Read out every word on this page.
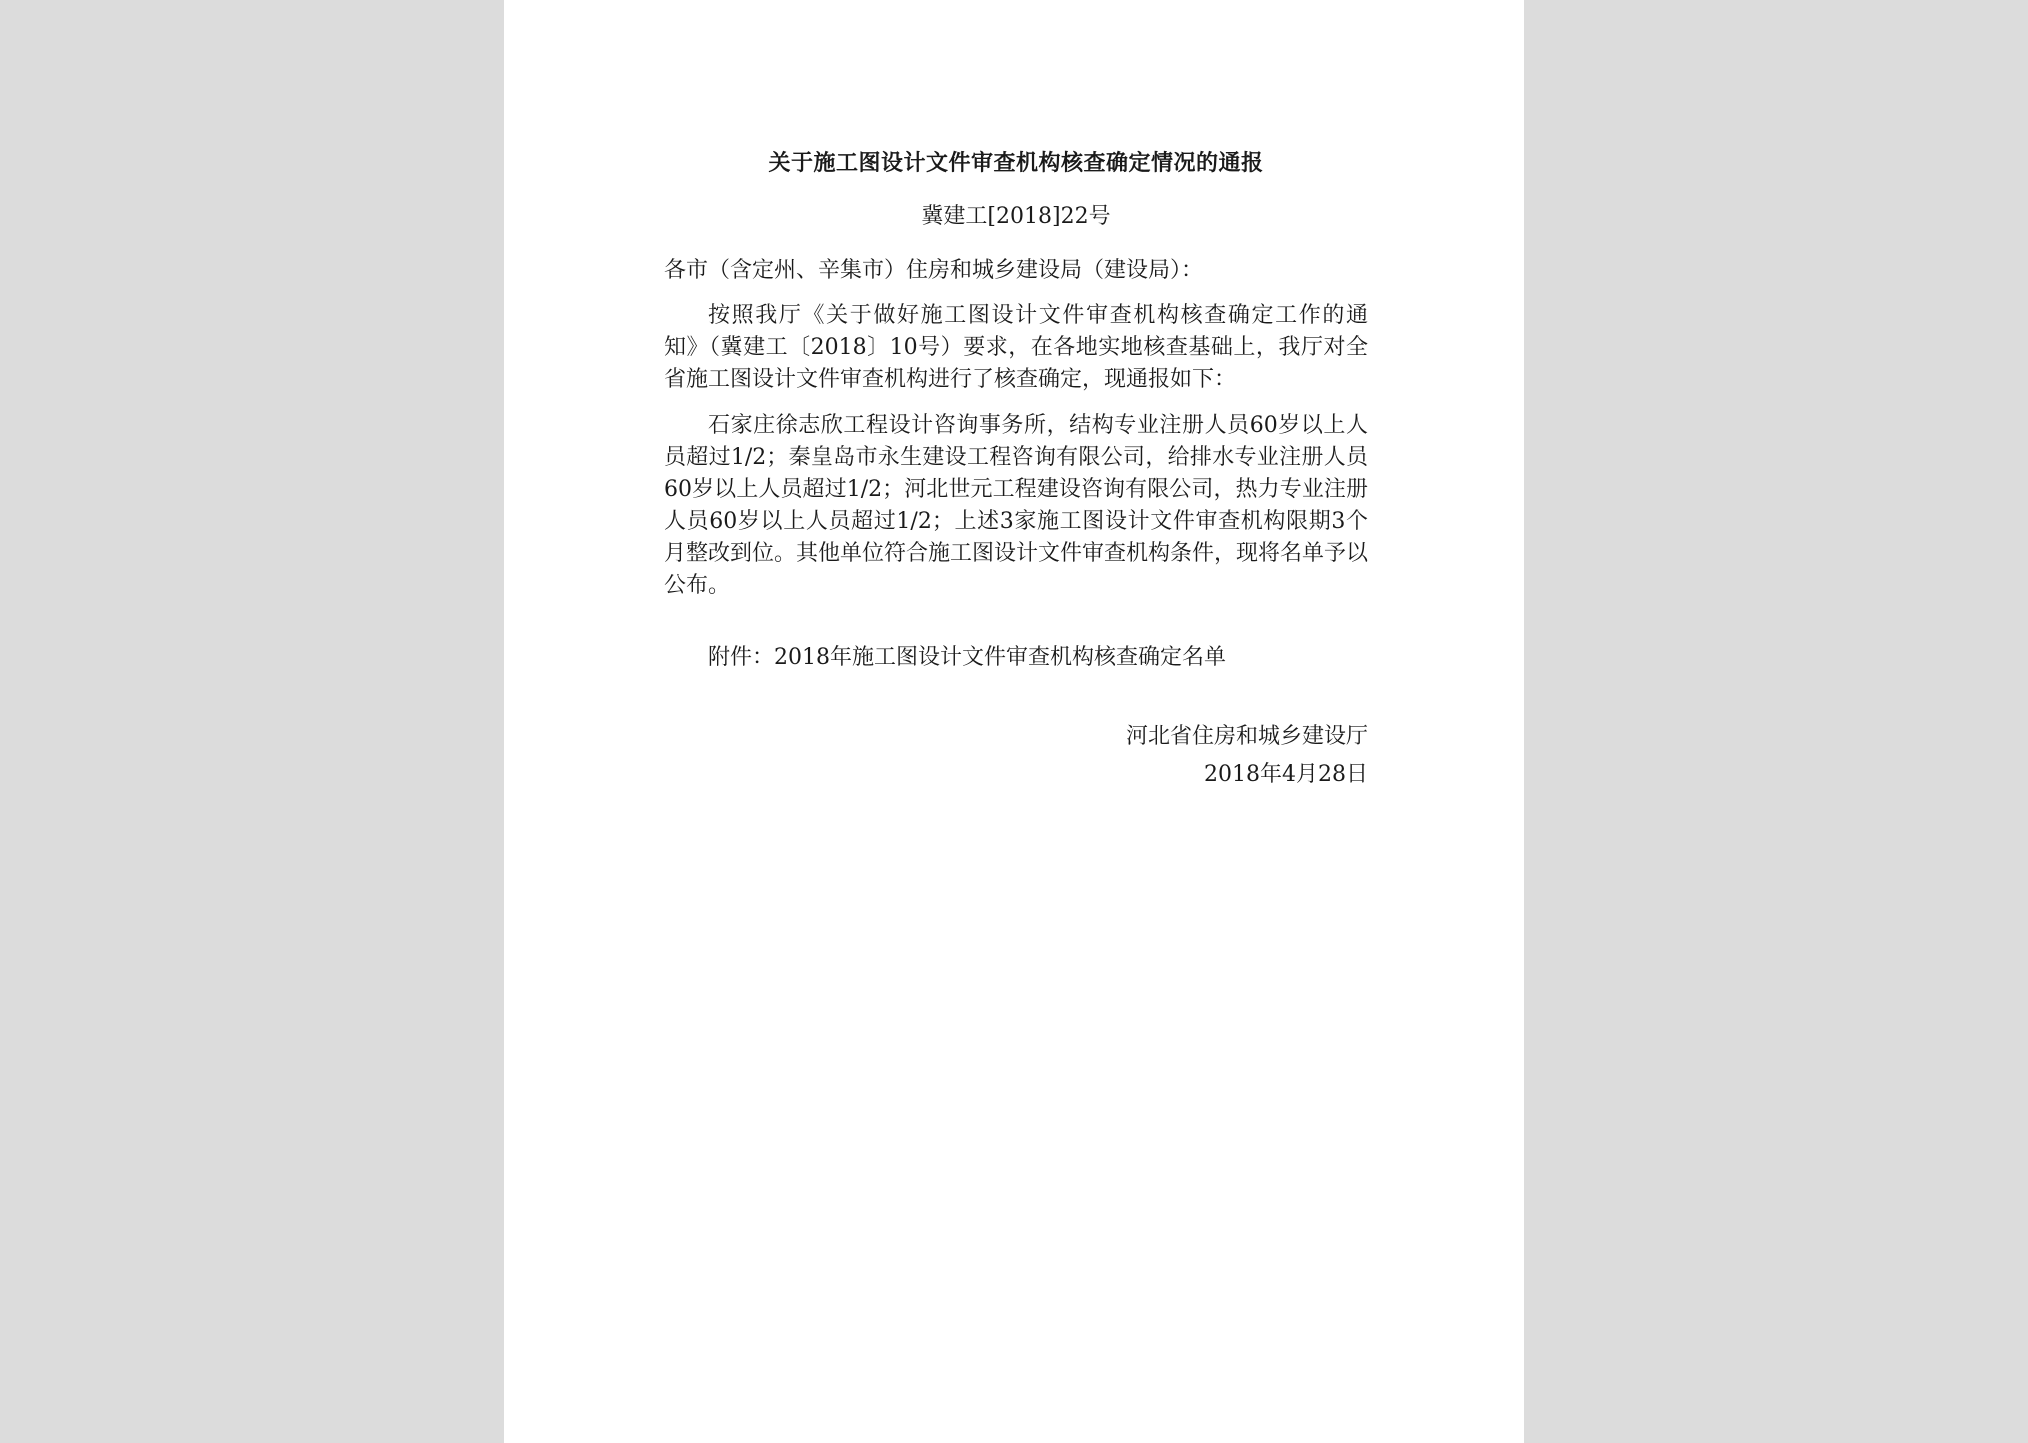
关于施工图设计文件审查机构核查确定情况的通报
冀建工[2018]22号
各市（含定州、辛集市）住房和城乡建设局（建设局）：

按照我厅《关于做好施工图设计文件审查机构核查确定工作的通知》（冀建工〔2018〕10号）要求，在各地实地核查基础上，我厅对全省施工图设计文件审查机构进行了核查确定，现通报如下：

石家庄徐志欣工程设计咨询事务所，结构专业注册人员60岁以上人员超过1/2；秦皇岛市永生建设工程咨询有限公司，给排水专业注册人员60岁以上人员超过1/2；河北世元工程建设咨询有限公司，热力专业注册人员60岁以上人员超过1/2；上述3家施工图设计文件审查机构限期3个月整改到位。其他单位符合施工图设计文件审查机构条件，现将名单予以公布。

附件：2018年施工图设计文件审查机构核查确定名单
河北省住房和城乡建设厅
2018年4月28日
